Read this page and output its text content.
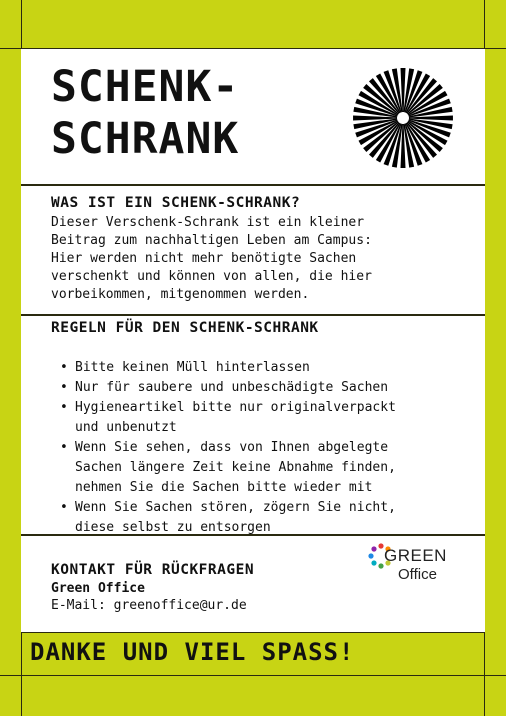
SCHENK-
SCHRANK
WAS IST EIN SCHENK-SCHRANK?

Dieser Verschenk-Schrank ist ein kleiner
Beitrag zum nachhaltigen Leben am Campus:
Hier werden nicht mehr benötigte Sachen
verschenkt und können von allen, die hier
vorbeikommen, mitgenommen werden.

REGELN FÜR DEN SCHENK-SCHRANK
• Bitte keinen Müll hinterlassen
• Nur für saubere und unbeschädigte Sachen
• Hygieneartikel bitte nur originalverpackt
und unbenutzt
• Wenn Sie sehen, dass von Ihnen abgelegte
Sachen längere Zeit keine Abnahme finden,
nehmen Sie die Sachen bitte wieder mit
• Wenn Sie Sachen stören, zögern Sie nicht,
diese selbst zu entsorgen
KONTAKT FÜR RÜCKFRAGEN

Green Office

E-Mail: greenoffice@ur.de

GREEN
Office

DANKE UND VIEL SPASS!
